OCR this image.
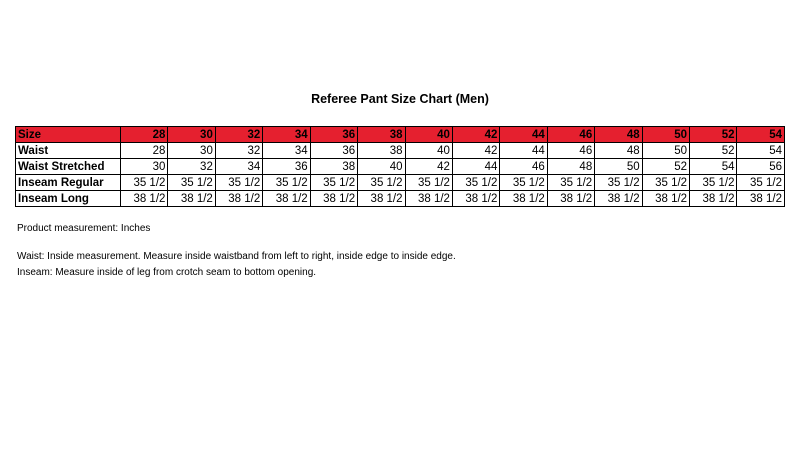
Referee Pant Size Chart (Men)
Size	28	30	32	34	36	38	40	42	44	46	48	50	52	54
Waist	28	30	32	34	36	38	40	42	44	46	48	50	52	54
Waist Stretched	30	32	34	36	38	40	42	44	46	48	50	52	54	56
Inseam Regular	35 1/2	35 1/2	35 1/2	35 1/2	35 1/2	35 1/2	35 1/2	35 1/2	35 1/2	35 1/2	35 1/2	35 1/2	35 1/2	35 1/2
Inseam Long	38 1/2	38 1/2	38 1/2	38 1/2	38 1/2	38 1/2	38 1/2	38 1/2	38 1/2	38 1/2	38 1/2	38 1/2	38 1/2	38 1/2
Product measurement: Inches
Waist: Inside measurement. Measure inside waistband from left to right, inside edge to inside edge.
Inseam: Measure inside of leg from crotch seam to bottom opening.
